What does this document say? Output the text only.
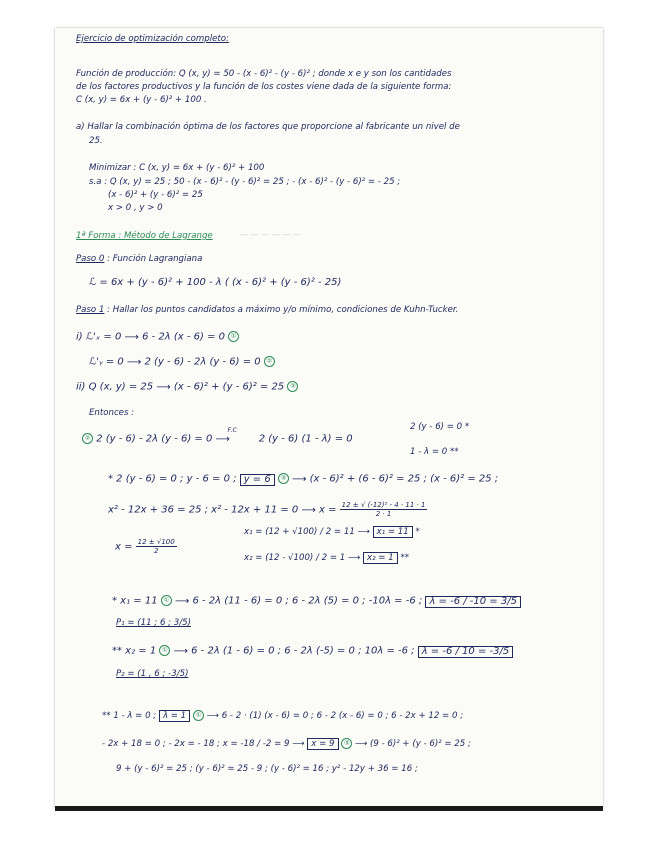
— — — — — —
Ejercicio de optimización completo:
Función de producción: Q (x, y) = 50 - (x - 6)² - (y - 6)² ; donde x e y son los cantidades
de los factores productivos y la función de los costes viene dada de la siguiente forma:
C (x, y) = 6x + (y - 6)² + 100 .
a) Hallar la combinación óptima de los factores que proporcione al fabricante un nivel de
25.
Minimizar : C (x, y) = 6x + (y - 6)² + 100
s.a : Q (x, y) = 25 ; 50 - (x - 6)² - (y - 6)² = 25 ; - (x - 6)² - (y - 6)² = - 25 ;
(x - 6)² + (y - 6)² = 25
x > 0 , y > 0
1ª Forma : Método de Lagrange
Paso 0 : Función Lagrangiana
ℒ = 6x + (y - 6)² + 100 - λ ( (x - 6)² + (y - 6)² - 25)
Paso 1 : Hallar los puntos candidatos a máximo y/o mínimo, condiciones de Kuhn-Tucker.
i) ℒ'ₓ = 0 ⟶ 6 - 2λ (x - 6) = 0 ①
ℒ'ᵧ = 0 ⟶ 2 (y - 6) - 2λ (y - 6) = 0 ②
ii) Q (x, y) = 25 ⟶ (x - 6)² + (y - 6)² = 25 ③
Entonces :
② 2 (y - 6) - 2λ (y - 6) = 0
F.C
⟶	2 (y - 6) (1 - λ) = 0
2 (y - 6) = 0 *
1 - λ = 0 **
* 2 (y - 6) = 0 ; y - 6 = 0 ; y = 6 ③ ⟶ (x - 6)² + (6 - 6)² = 25 ; (x - 6)² = 25 ;
x² - 12x + 36 = 25 ; x² - 12x + 11 = 0 ⟶ $x = \frac{\text{12 ± √ (-12)² - 4 · 11 · 1}}{2 \cdot 1}$
$x = \frac{12 \pm √100}{2}$
x₁ = (12 + √100) / 2 = 11 ⟶ x₁ = 11 *
x₂ = (12 - √100) / 2 = 1 ⟶ x₂ = 1 **
* x₁ = 11 ① ⟶ 6 - 2λ (11 - 6) = 0 ; 6 - 2λ (5) = 0 ; -10λ = -6 ; λ = -6 / -10 = 3/5
P₁ = (11 ; 6 ; 3/5)
** x₂ = 1 ① ⟶ 6 - 2λ (1 - 6) = 0 ; 6 - 2λ (-5) = 0 ; 10λ = -6 ; λ = -6 / 10 = -3/5
P₂ = (1 , 6 ; -3/5)
** 1 - λ = 0 ; λ = 1 ① ⟶ 6 - 2 · (1) (x - 6) = 0 ; 6 - 2 (x - 6) = 0 ; 6 - 2x + 12 = 0 ;
- 2x + 18 = 0 ; - 2x = - 18 ; x = -18 / -2 = 9 ⟶ x = 9 ③ ⟶ (9 - 6)² + (y - 6)² = 25 ;
9 + (y - 6)² = 25 ; (y - 6)² = 25 - 9 ; (y - 6)² = 16 ; y² - 12y + 36 = 16 ;
